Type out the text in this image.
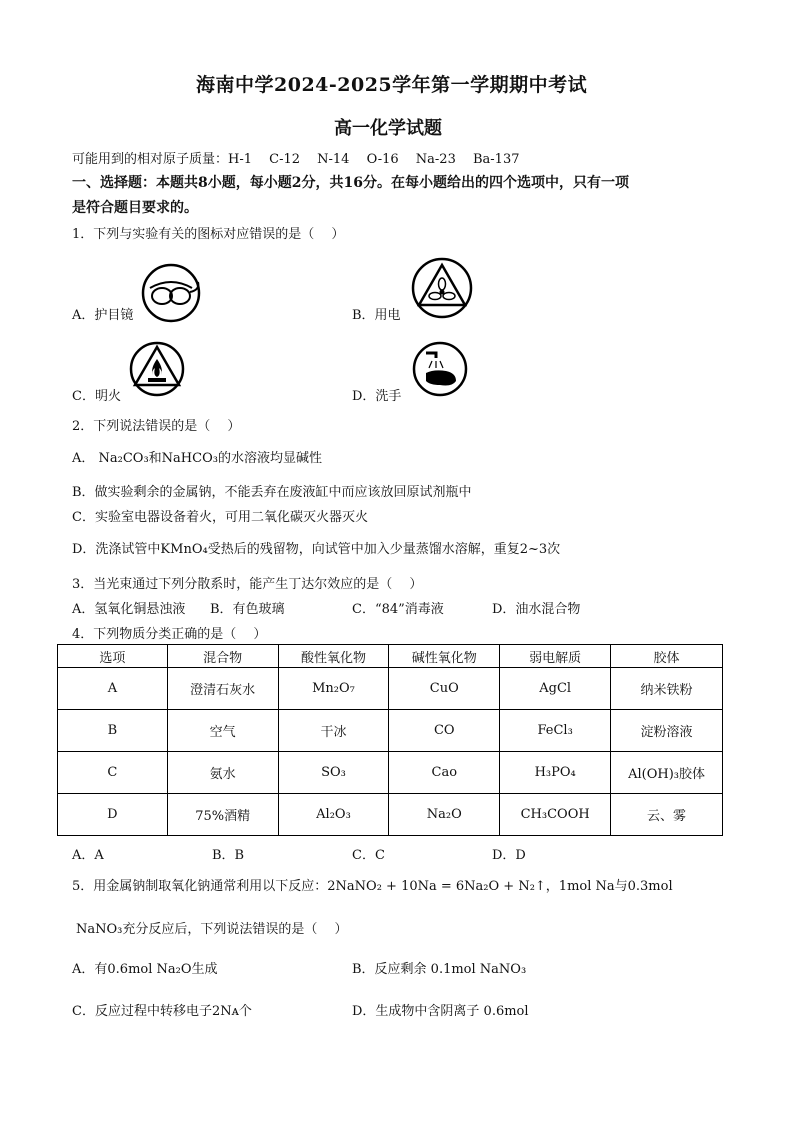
海南中学2024-2025学年第一学期期中考试
高一化学试题
可能用到的相对原子质量：H-1　 C-12　 N-14　 O-16　 Na-23　 Ba-137
一、选择题：本题共8小题，每小题2分，共16分。在每小题给出的四个选项中，只有一项
是符合题目要求的。
1．下列与实验有关的图标对应错误的是（　 ）
A．护目镜	B．用电
C．明火	D．洗手
2．下列说法错误的是（　 ）
A． Na₂CO₃和NaHCO₃的水溶液均显碱性
B．做实验剩余的金属钠，不能丢弃在废液缸中而应该放回原试剂瓶中
C．实验室电器设备着火，可用二氧化碳灭火器灭火
D．洗涤试管中KMnO₄受热后的残留物，向试管中加入少量蒸馏水溶解，重复2~3次
3．当光束通过下列分散系时，能产生丁达尔效应的是（　 ）
A．氢氧化铜悬浊液 B．有色玻璃	C．“84”消毒液	D．油水混合物
4．下列物质分类正确的是（　 ）
选项	混合物	酸性氧化物	碱性氧化物	弱电解质	胶体
A	澄清石灰水	Mn₂O₇	CuO	AgCl	纳米铁粉
B	空气	干冰	CO	FeCl₃	淀粉溶液
C	氨水	SO₃	Cao	H₃PO₄	Al(OH)₃胶体
D	75%酒精	Al₂O₃	Na₂O	CH₃COOH	云、雾
A．A	B．B	C．C	D．D
5．用金属钠制取氧化钠通常利用以下反应：2NaNO₂ + 10Na = 6Na₂O + N₂↑，1mol Na与0.3mol
NaNO₃充分反应后，下列说法错误的是（　 ）
A．有0.6mol Na₂O生成	B．反应剩余 0.1mol NaNO₃
C．反应过程中转移电子2Nᴀ个	D．生成物中含阴离子 0.6mol
